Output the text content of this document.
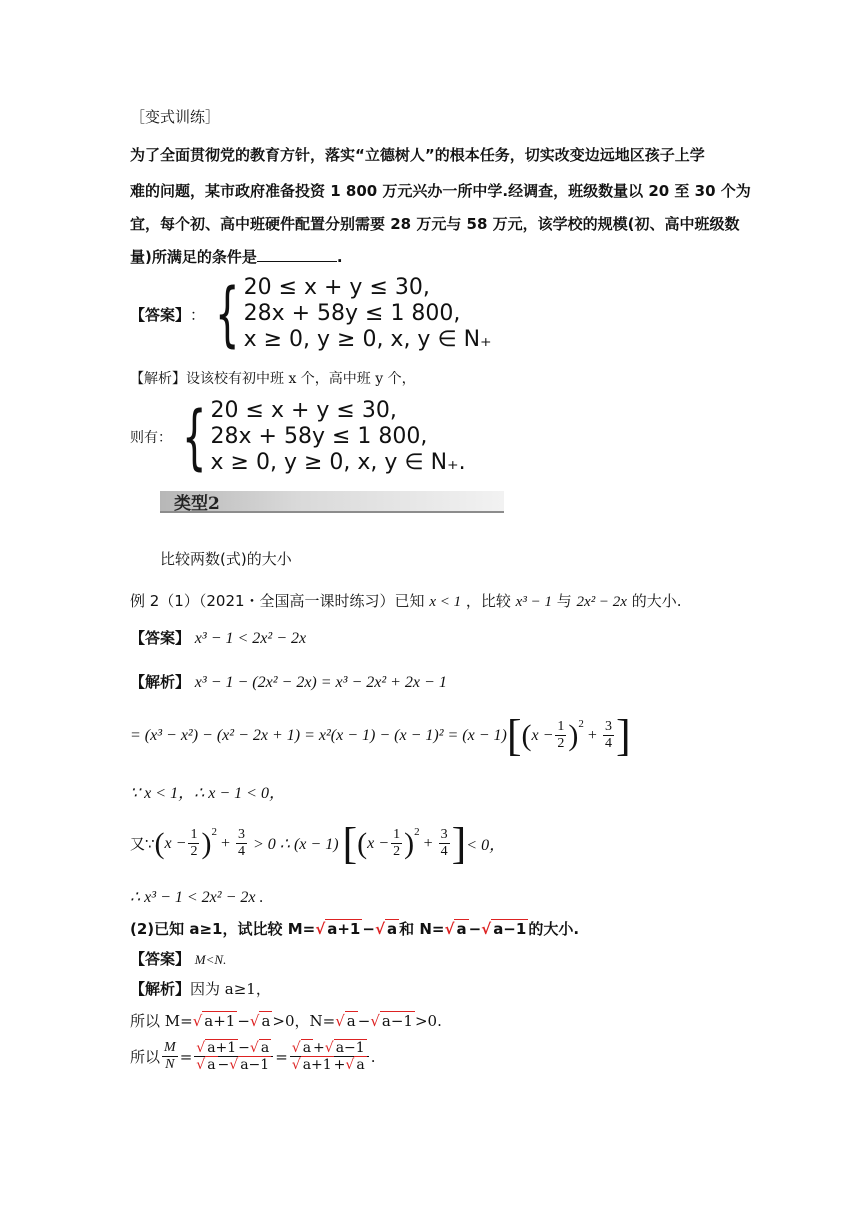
［变式训练］
为了全面贯彻党的教育方针，落实“立德树人”的根本任务，切实改变边远地区孩子上学
难的问题，某市政府准备投资 1 800 万元兴办一所中学.经调查，班级数量以 20 至 30 个为
宜，每个初、高中班硬件配置分别需要 28 万元与 58 万元，该学校的规模(初、高中班级数
量)所满足的条件是	.
【答案】 ： { 20 ≤ x + y ≤ 30,
28x + 58y ≤ 1 800,
x ≥ 0, y ≥ 0, x, y ∈ N₊
【解析】设该校有初中班 x 个，高中班 y 个，
则有： { 20 ≤ x + y ≤ 30,
28x + 58y ≤ 1 800,
x ≥ 0, y ≥ 0, x, y ∈ N₊.
类型2
比较两数(式)的大小
例 2（1）（2021・全国高一课时练习）已知 x < 1 ，比较 x³ − 1 与 2x² − 2x 的大小.
【答案】 x³ − 1 < 2x² − 2x
【解析】 x³ − 1 − (2x² − 2x) = x³ − 2x² + 2x − 1
= (x³ − x²) − (x² − 2x + 1) = x²(x − 1) − (x − 1)² = (x − 1) [ ( $x - \frac{1}{2} )^2$
+ $\frac{3}{4}$ ]
∵ x < 1，∴ x − 1 < 0，
又∵ ( $x - \frac{1}{2} )^2$
+ $\frac{3}{4} > 0$ ∴ (x − 1) [ ( $x - \frac{1}{2} )^2$
+ $\frac{3}{4}$ ] < 0，
∴ x³ − 1 < 2x² − 2x .
(2)已知 a≥1，试比较 M=√ a+1 −√ a 和 N=√ a −√ a−1 的大小.
【答案】 M<N.
【解析】因为 a≥1，
所以 M=√ a+1 −√ a >0，N=√ a −√ a−1 >0.
所以 $\frac{M}{N} = \frac{√ a+1 -√ a}{√ a -√ a-1} = \frac{√ a +√ a-1}{√ a+1 +√ a}$ .
